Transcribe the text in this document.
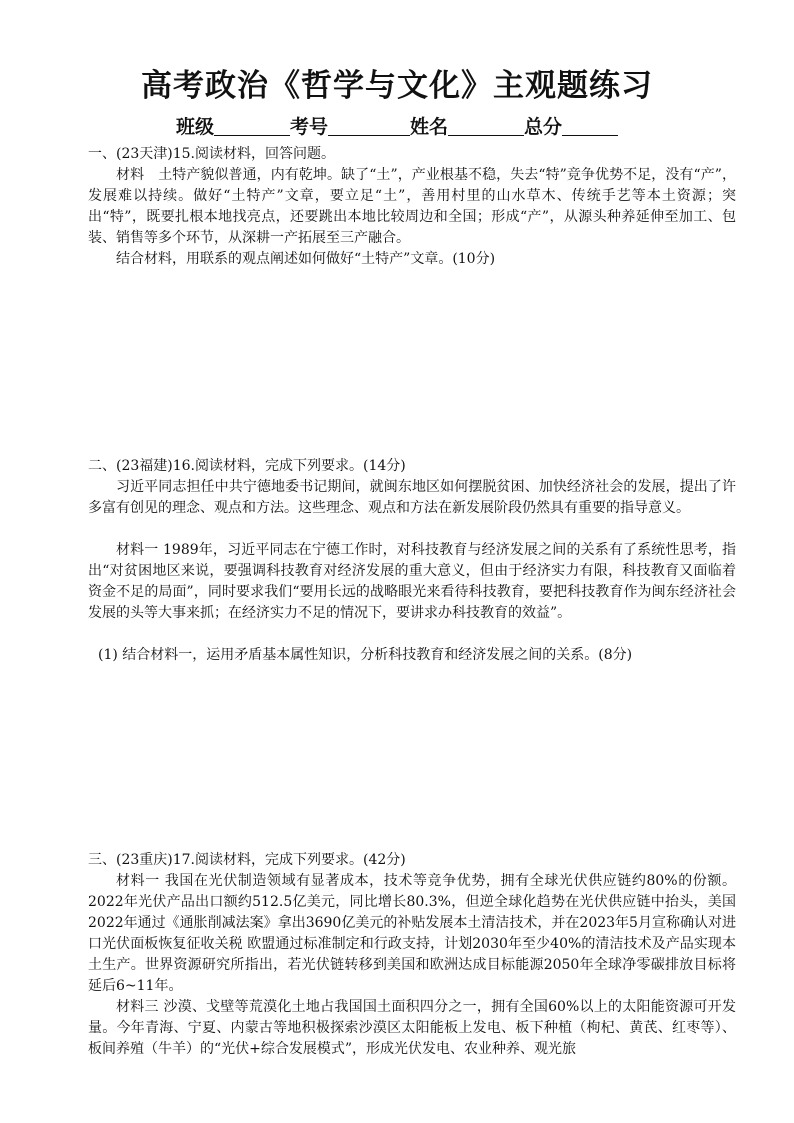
高考政治《哲学与文化》主观题练习
班级	考号	姓名	总分
一、(23天津)15.阅读材料，回答问题。
材料　土特产貌似普通，内有乾坤。缺了“土”，产业根基不稳，失去“特”竞争优势不足，没有“产”，发展难以持续。做好“土特产”文章，要立足“土”，善用村里的山水草木、传统手艺等本土资源；突出“特”，既要扎根本地找亮点，还要跳出本地比较周边和全国；形成“产”，从源头种养延伸至加工、包装、销售等多个环节，从深耕一产拓展至三产融合。
结合材料，用联系的观点阐述如何做好“土特产”文章。(10分)
二、(23福建)16.阅读材料，完成下列要求。(14分)
习近平同志担任中共宁德地委书记期间，就闽东地区如何摆脱贫困、加快经济社会的发展，提出了许多富有创见的理念、观点和方法。这些理念、观点和方法在新发展阶段仍然具有重要的指导意义。
材料一 1989年，习近平同志在宁德工作时，对科技教育与经济发展之间的关系有了系统性思考，指出“对贫困地区来说，要强调科技教育对经济发展的重大意义，但由于经济实力有限，科技教育又面临着资金不足的局面”，同时要求我们“要用长远的战略眼光来看待科技教育，要把科技教育作为闽东经济社会发展的头等大事来抓；在经济实力不足的情况下，要讲求办科技教育的效益”。
(1) 结合材料一，运用矛盾基本属性知识，分析科技教育和经济发展之间的关系。(8分)
三、(23重庆)17.阅读材料，完成下列要求。(42分)
材料一 我国在光伏制造领域有显著成本，技术等竞争优势，拥有全球光伏供应链约80%的份额。2022年光伏产品出口额约512.5亿美元，同比增长80.3%，但逆全球化趋势在光伏供应链中抬头，美国2022年通过《通胀削减法案》拿出3690亿美元的补贴发展本土清洁技术，并在2023年5月宣称确认对进口光伏面板恢复征收关税 欧盟通过标准制定和行政支持，计划2030年至少40%的清洁技术及产品实现本土生产。世界资源研究所指出，若光伏链转移到美国和欧洲达成目标能源2050年全球净零碳排放目标将延后6~11年。
材料三 沙漠、戈壁等荒漠化土地占我国国土面积四分之一，拥有全国60%以上的太阳能资源可开发量。今年青海、宁夏、内蒙古等地积极探索沙漠区太阳能板上发电、板下种植（枸杞、黄芪、红枣等）、板间养殖（牛羊）的“光伏+综合发展模式”，形成光伏发电、农业种养、观光旅
